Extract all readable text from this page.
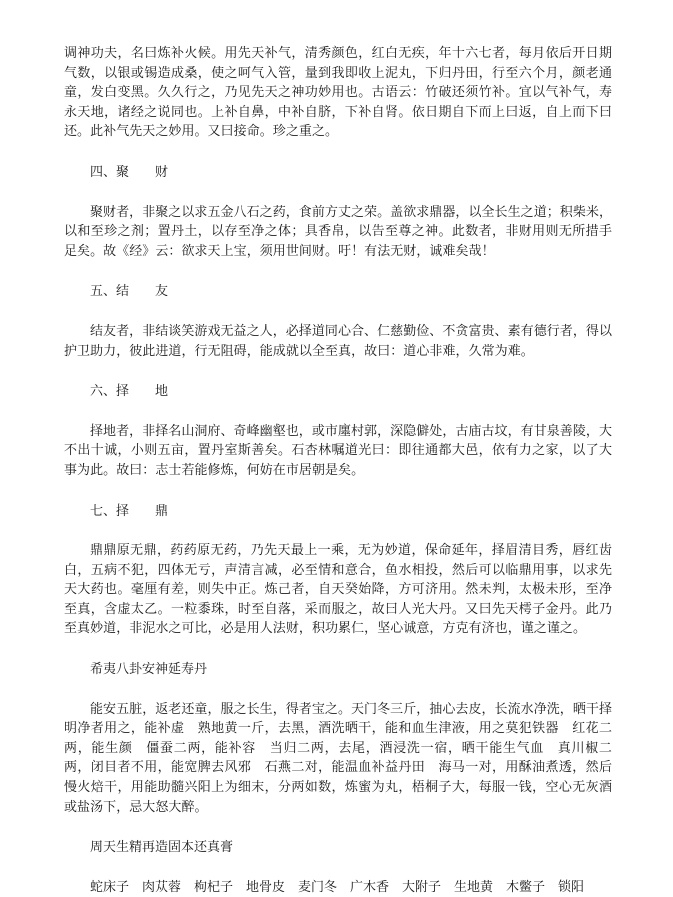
调神功夫，名曰炼补火候。用先天补气，清秀颜色，红白无疾，年十六七者，每月依后开日期气数，以银或锡造成桑，使之呵气入管，量到我即收上泥丸，下归丹田，行至六个月，颜老通童，发白变黑。久久行之，乃见先天之神功妙用也。古语云：竹破还须竹补。宜以气补气，寿永天地，诸经之说同也。上补自鼻，中补自脐，下补自肾。依日期自下而上曰返，自上而下曰还。此补气先天之妙用。又曰接命。珍之重之。

四、聚　　财

聚财者，非聚之以求五金八石之药，食前方丈之荣。盖欲求鼎器，以全长生之道；积柴米，以和至珍之剂；置丹土，以存至净之体；具香帛，以告至尊之神。此数者，非财用则无所措手足矣。故《经》云：欲求天上宝，须用世间财。吁！有法无财，诚难矣哉！

五、结　　友

结友者，非结谈笑游戏无益之人，必择道同心合、仁慈勤俭、不贪富贵、素有德行者，得以护卫助力，彼此进道，行无阻碍，能成就以全至真，故曰：道心非难，久常为难。

六、择　　地

择地者，非择名山洞府、奇峰幽壑也，或市廛村郭，深隐僻处，古庙古坟，有甘泉善陵，大不出十诚，小则五亩，置丹室斯善矣。石杏林嘱道光曰：即往通都大邑，依有力之家，以了大事为此。故曰：志士若能修炼，何妨在市居朝是矣。

七、择　　鼎

鼎鼎原无鼎，药药原无药，乃先天最上一乘，无为妙道，保命延年，择眉清目秀，唇红齿白，五病不犯，四体无亏，声清言减，必至情和意合，鱼水相投，然后可以临鼎用事，以求先天大药也。毫厘有差，则失中正。炼己者，自天癸始降，方可济用。然未判，太极未形，至净至真，含虚太乙。一粒黍珠，时至自落，采而服之，故曰人光大丹。又曰先天樗子金丹。此乃至真妙道，非泥水之可比，必是用人法财，积功累仁，坚心诚意，方克有济也，谨之谨之。

希夷八卦安神延寿丹

能安五脏，返老还童，服之长生，得者宝之。天门冬三斤，抽心去皮，长流水净洗，晒干择明净者用之，能补虚　熟地黄一斤，去黑，酒洗晒干，能和血生津液，用之莫犯铁器　红花二两，能生颜　僵蚕二两，能补容　当归二两，去尾，酒浸洗一宿，晒干能生气血　真川椒二两，闭目者不用，能宽脾去风邪　石燕二对，能温血补益丹田　海马一对，用酥油煮透，然后慢火焙干，用能助髓兴阳上为细末，分两如数，炼蜜为丸，梧桐子大，每服一钱，空心无灰酒或盐汤下，忌大怒大醉。

周天生精再造固本还真膏

蛇床子　肉苁蓉　枸杞子　地骨皮　麦门冬　广木香　大附子　生地黄　木鳖子　锁阳
